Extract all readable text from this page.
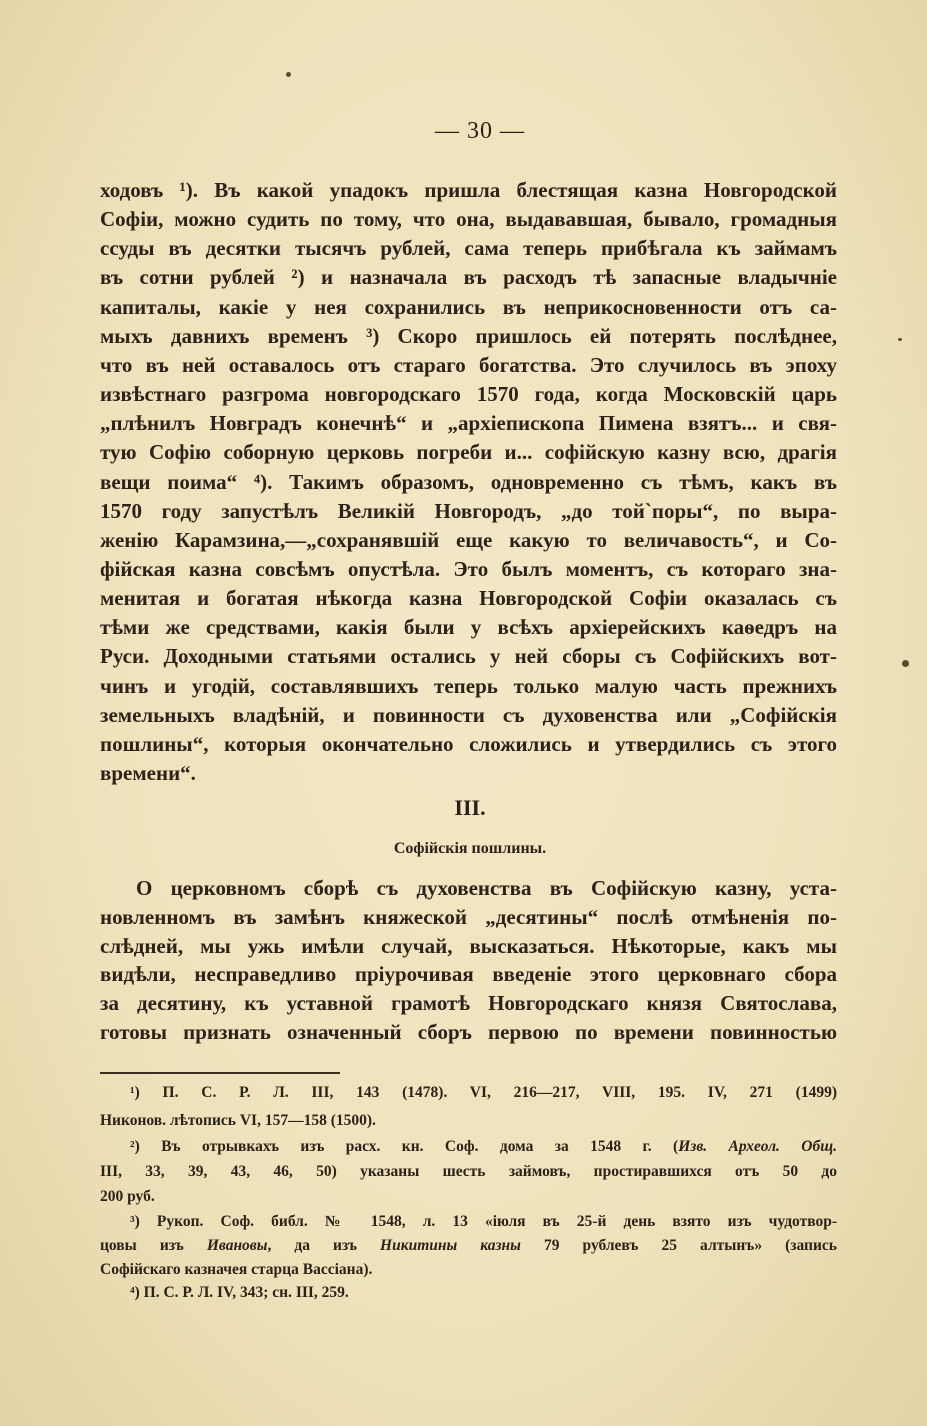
— 30 —
ходовъ ¹). Въ какой упадокъ пришла блестящая казна Новгородской
Софіи, можно судить по тому, что она, выдававшая, бывало, громадныя
ссуды въ десятки тысячъ рублей, сама теперь прибѣгала къ займамъ
въ сотни рублей ²) и назначала въ расходъ тѣ запасные владычніе
капиталы, какіе у нея сохранились въ неприкосновенности отъ са-
мыхъ давнихъ временъ ³) Скоро пришлось ей потерять послѣднее,
что въ ней оставалось отъ стараго богатства. Это случилось въ эпоху
извѣстнаго разгрома новгородскаго 1570 года, когда Московскій царь
„плѣнилъ Новградъ конечнѣ“ и „архіепископа Пимена взятъ... и свя-
тую Софію соборную церковь погреби и... софійскую казну всю, драгія
вещи поима“ ⁴). Такимъ образомъ, одновременно съ тѣмъ, какъ въ
1570 году запустѣлъ Великій Новгородъ, „до той`поры“, по выра-
женію Карамзина,—„сохранявшій еще какую то величавость“, и Со-
фійская казна совсѣмъ опустѣла. Это былъ моментъ, съ котораго зна-
менитая и богатая нѣкогда казна Новгородской Софіи оказалась съ
тѣми же средствами, какія были у всѣхъ архіерейскихъ каѳедръ на
Руси. Доходными статьями остались у ней сборы съ Софійскихъ вот-
чинъ и угодій, составлявшихъ теперь только малую часть прежнихъ
земельныхъ владѣній, и повинности съ духовенства или „Софійскія
пошлины“, которыя окончательно сложились и утвердились съ этого
времени“.
III.
Софійскія пошлины.
О церковномъ сборѣ съ духовенства въ Софійскую казну, уста-
новленномъ въ замѣнъ княжеской „десятины“ послѣ отмѣненія по-
слѣдней, мы ужь имѣли случай, высказаться. Нѣкоторые, какъ мы
видѣли, несправедливо пріурочивая введеніе этого церковнаго сбора
за десятину, къ уставной грамотѣ Новгородскаго князя Святослава,
готовы признать означенный сборъ первою по времени повинностью
¹) П. С. Р. Л. III, 143 (1478). VI, 216—217, VIII, 195. IV, 271 (1499)
Никонов. лѣтопись VI, 157—158 (1500).
²) Въ отрывкахъ изъ расх. кн. Соф. дома за 1548 г. (Изв. Археол. Общ.
III, 33, 39, 43, 46, 50) указаны шесть займовъ, простиравшихся отъ 50 до
200 руб.
³) Рукоп. Соф. библ. № 1548, л. 13 «іюля въ 25-й день взято изъ чудотвор-
цовы изъ Ивановы, да изъ Никитины казны 79 рублевъ 25 алтынъ» (запись
Софійскаго казначея старца Вассіана).
⁴) П. С. Р. Л. IV, 343; сн. III, 259.
